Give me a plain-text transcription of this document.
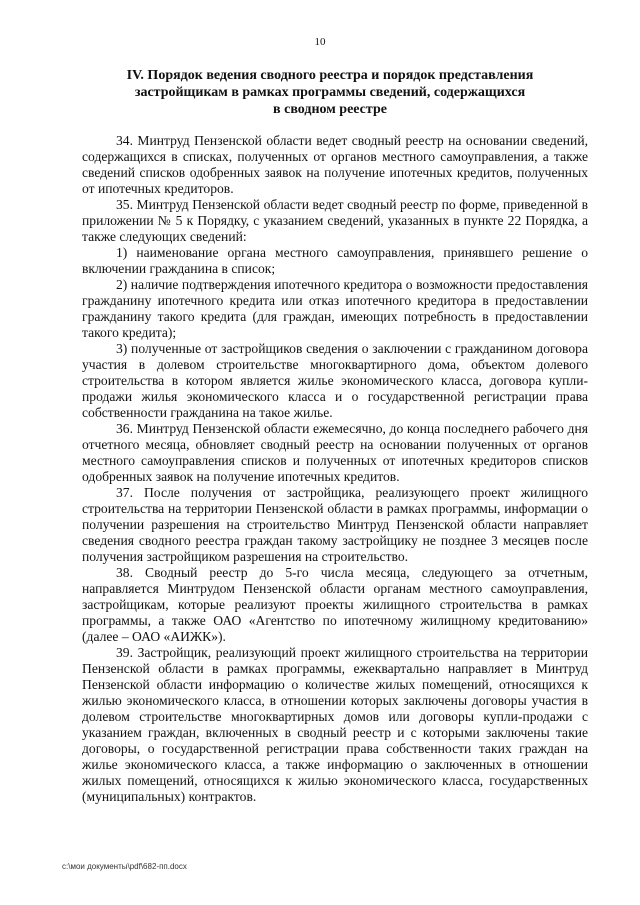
10
IV. Порядок ведения сводного реестра и порядок представления
застройщикам в рамках программы сведений, содержащихся
в сводном реестре

34. Минтруд Пензенской области ведет сводный реестр на основании сведений, содержащихся в списках, полученных от органов местного самоуправления, а также сведений списков одобренных заявок на получение ипотечных кредитов, полученных от ипотечных кредиторов.

35. Минтруд Пензенской области ведет сводный реестр по форме, приведенной в приложении № 5 к Порядку, с указанием сведений, указанных в пункте 22 Порядка, а также следующих сведений:

1) наименование органа местного самоуправления, принявшего решение о включении гражданина в список;

2) наличие подтверждения ипотечного кредитора о возможности предоставления гражданину ипотечного кредита или отказ ипотечного кредитора в предоставлении гражданину такого кредита (для граждан, имеющих потребность в предоставлении такого кредита);

3) полученные от застройщиков сведения о заключении с гражданином договора участия в долевом строительстве многоквартирного дома, объектом долевого строительства в котором является жилье экономического класса, договора купли-продажи жилья экономического класса и о государственной регистрации права собственности гражданина на такое жилье.

36. Минтруд Пензенской области ежемесячно, до конца последнего рабочего дня отчетного месяца, обновляет сводный реестр на основании полученных от органов местного самоуправления списков и полученных от ипотечных кредиторов списков одобренных заявок на получение ипотечных кредитов.

37. После получения от застройщика, реализующего проект жилищного строительства на территории Пензенской области в рамках программы, информации о получении разрешения на строительство Минтруд Пензенской области направляет сведения сводного реестра граждан такому застройщику не позднее 3 месяцев после получения застройщиком разрешения на строительство.

38. Сводный реестр до 5-го числа месяца, следующего за отчетным, направляется Минтрудом Пензенской области органам местного самоуправления, застройщикам, которые реализуют проекты жилищного строительства в рамках программы, а также ОАО «Агентство по ипотечному жилищному кредитованию» (далее – ОАО «АИЖК»).

39. Застройщик, реализующий проект жилищного строительства на территории Пензенской области в рамках программы, ежеквартально направляет в Минтруд Пензенской области информацию о количестве жилых помещений, относящихся к жилью экономического класса, в отношении которых заключены договоры участия в долевом строительстве многоквартирных домов или договоры купли-продажи с указанием граждан, включенных в сводный реестр и с которыми заключены такие договоры, о государственной регистрации права собственности таких граждан на жилье экономического класса, а также информацию о заключенных в отношении жилых помещений, относящихся к жилью экономического класса, государственных (муниципальных) контрактов.

c:\мои документы\pdf\682-пп.docx
